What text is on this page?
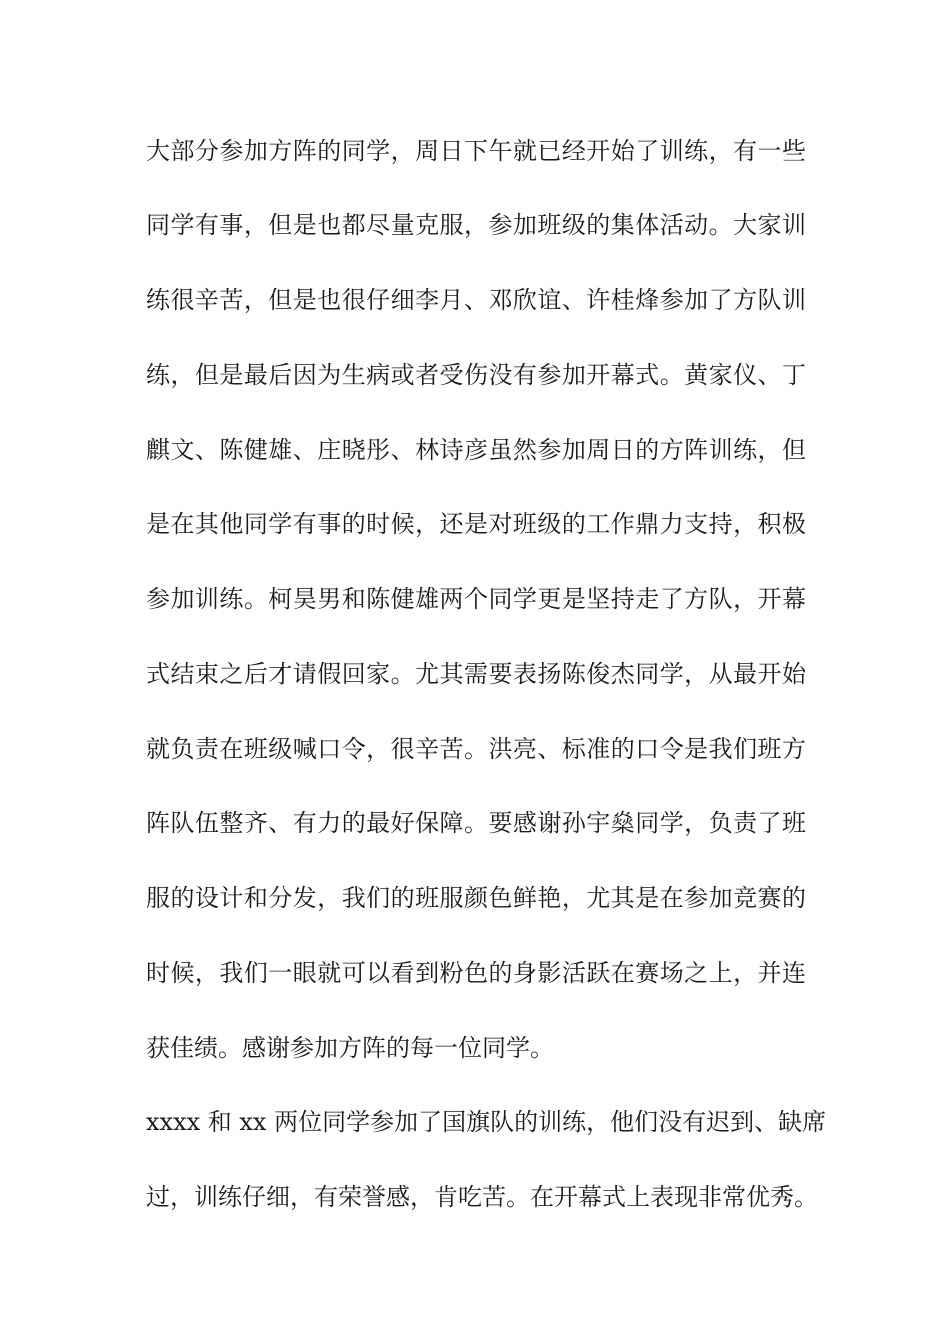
大部分参加方阵的同学，周日下午就已经开始了训练，有一些
同学有事，但是也都尽量克服，参加班级的集体活动。大家训
练很辛苦，但是也很仔细李月、邓欣谊、许桂烽参加了方队训
练，但是最后因为生病或者受伤没有参加开幕式。黄家仪、丁
麒文、陈健雄、庄晓彤、林诗彦虽然参加周日的方阵训练，但
是在其他同学有事的时候，还是对班级的工作鼎力支持，积极
参加训练。柯昊男和陈健雄两个同学更是坚持走了方队，开幕
式结束之后才请假回家。尤其需要表扬陈俊杰同学，从最开始
就负责在班级喊口令，很辛苦。洪亮、标准的口令是我们班方
阵队伍整齐、有力的最好保障。要感谢孙宇燊同学，负责了班
服的设计和分发，我们的班服颜色鲜艳，尤其是在参加竞赛的
时候，我们一眼就可以看到粉色的身影活跃在赛场之上，并连
获佳绩。感谢参加方阵的每一位同学。
xxxx 和 xx 两位同学参加了国旗队的训练，他们没有迟到、缺席
过，训练仔细，有荣誉感，肯吃苦。在开幕式上表现非常优秀。
